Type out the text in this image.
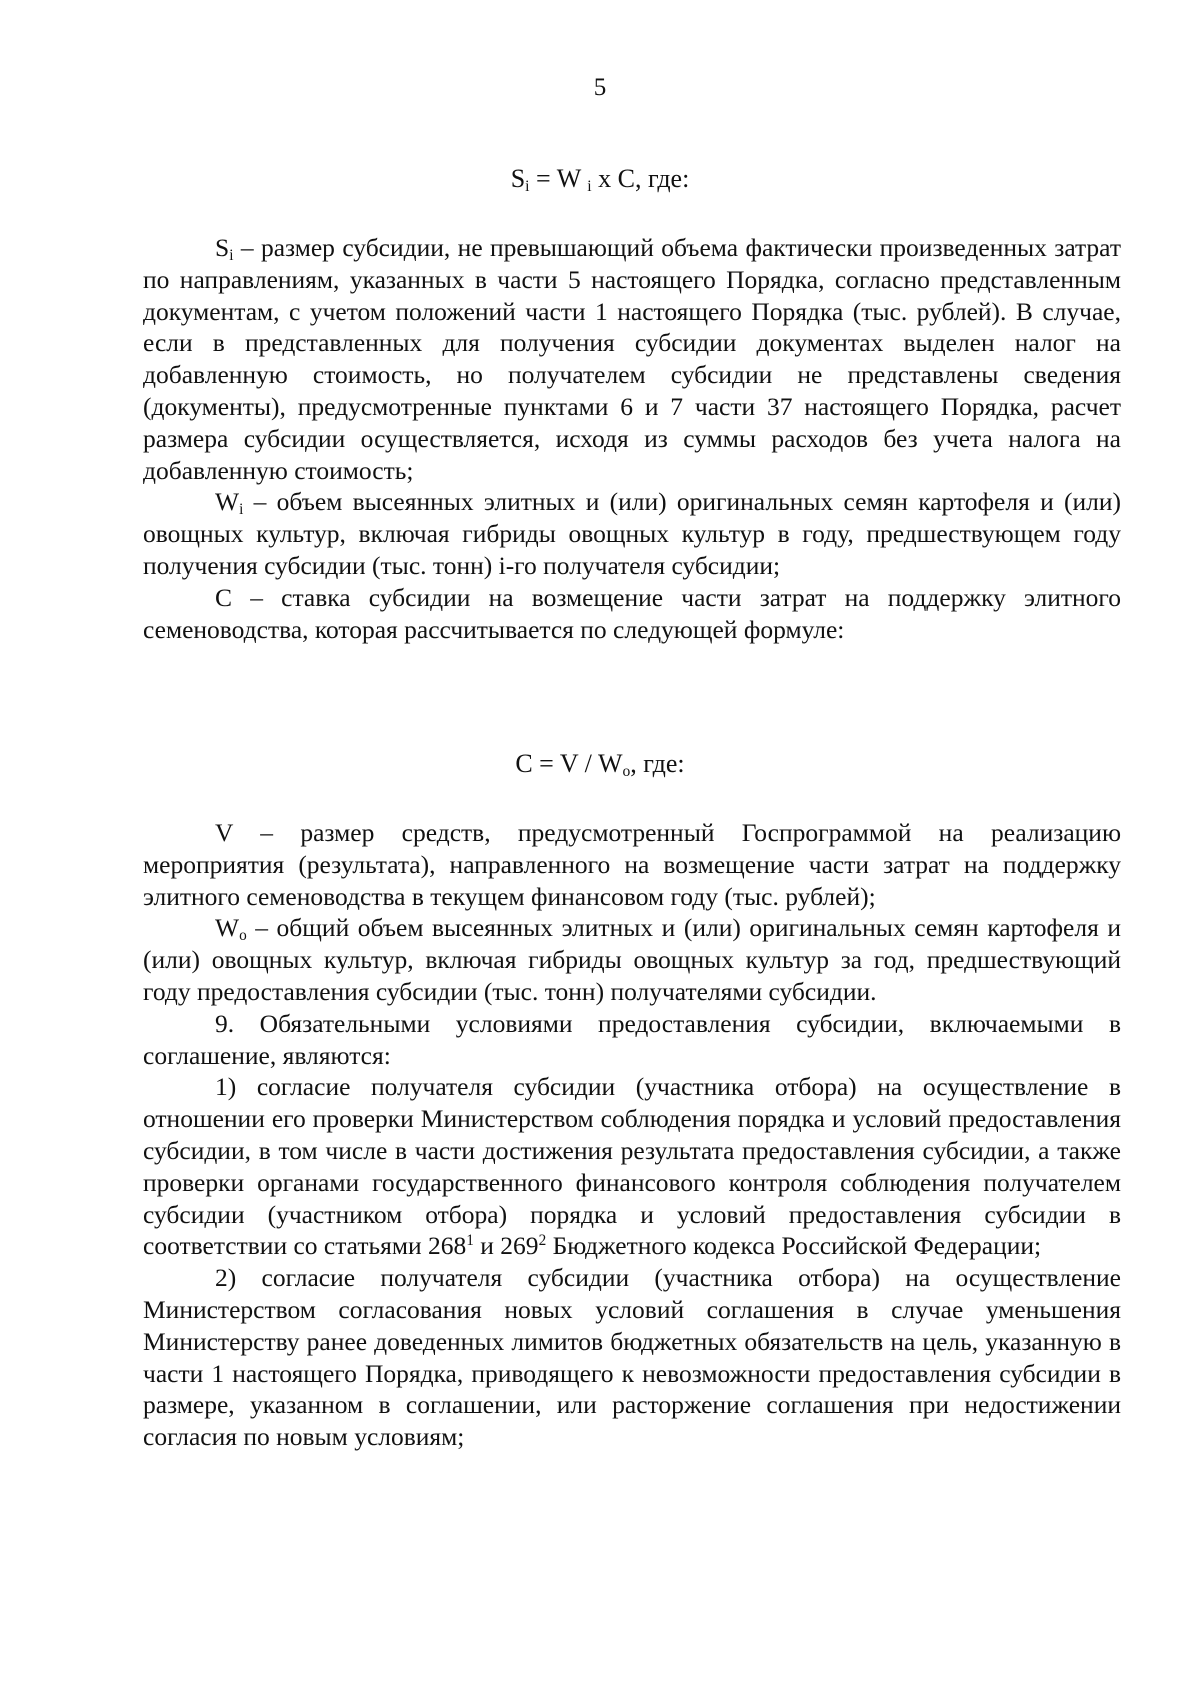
5
$S_i = W$ $_i$ x C, где:

$S_i$ – размер субсидии, не превышающий объема фактически произведенных затрат по направлениям, указанных в части 5 настоящего Порядка, согласно представленным документам, с учетом положений части 1 настоящего Порядка (тыс. рублей). В случае, если в представленных для получения субсидии документах выделен налог на добавленную стоимость, но получателем субсидии не представлены сведения (документы), предусмотренные пунктами 6 и 7 части 37 настоящего Порядка, расчет размера субсидии осуществляется, исходя из суммы расходов без учета налога на добавленную стоимость;

$W_i$ – объем высеянных элитных и (или) оригинальных семян картофеля и (или) овощных культур, включая гибриды овощных культур в году, предшествующем году получения субсидии (тыс. тонн) i-го получателя субсидии;

C – ставка субсидии на возмещение части затрат на поддержку элитного семеноводства, которая рассчитывается по следующей формуле:

$C = V / W_o$, где:

V – размер средств, предусмотренный Госпрограммой на реализацию мероприятия (результата), направленного на возмещение части затрат на поддержку элитного семеноводства в текущем финансовом году (тыс. рублей);

$W_o$ – общий объем высеянных элитных и (или) оригинальных семян картофеля и (или) овощных культур, включая гибриды овощных культур за год, предшествующий году предоставления субсидии (тыс. тонн) получателями субсидии.

9. Обязательными условиями предоставления субсидии, включаемыми в соглашение, являются:

1) согласие получателя субсидии (участника отбора) на осуществление в отношении его проверки Министерством соблюдения порядка и условий предоставления субсидии, в том числе в части достижения результата предоставления субсидии, а также проверки органами государственного финансового контроля соблюдения получателем субсидии (участником отбора) порядка и условий предоставления субсидии в соответствии со статьями $268^1$ и $269^2$ Бюджетного кодекса Российской Федерации;

2) согласие получателя субсидии (участника отбора) на осуществление Министерством согласования новых условий соглашения в случае уменьшения Министерству ранее доведенных лимитов бюджетных обязательств на цель, указанную в части 1 настоящего Порядка, приводящего к невозможности предоставления субсидии в размере, указанном в соглашении, или расторжение соглашения при недостижении согласия по новым условиям;
